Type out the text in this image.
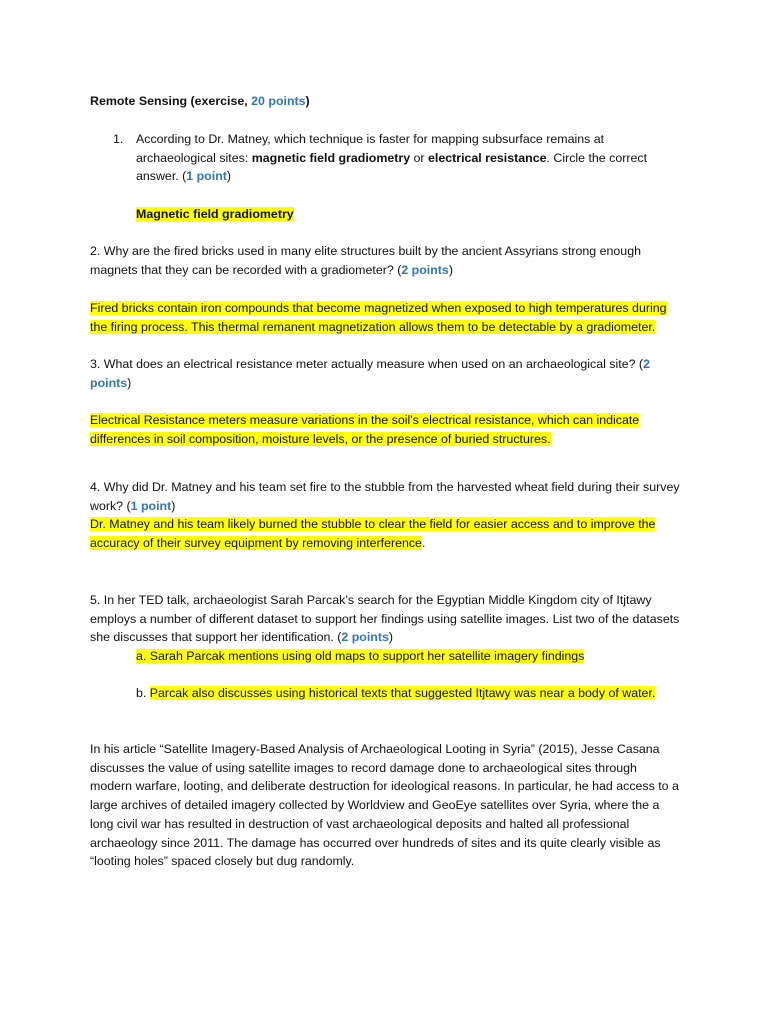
Remote Sensing (exercise, 20 points)

1. According to Dr. Matney, which technique is faster for mapping subsurface remains at archaeological sites: magnetic field gradiometry or electrical resistance. Circle the correct answer. (1 point)

Magnetic field gradiometry

2. Why are the fired bricks used in many elite structures built by the ancient Assyrians strong enough magnets that they can be recorded with a gradiometer? (2 points)

Fired bricks contain iron compounds that become magnetized when exposed to high temperatures during the firing process. This thermal remanent magnetization allows them to be detectable by a gradiometer.

3. What does an electrical resistance meter actually measure when used on an archaeological site? (2 points)

Electrical Resistance meters measure variations in the soil's electrical resistance, which can indicate differences in soil composition, moisture levels, or the presence of buried structures.

4. Why did Dr. Matney and his team set fire to the stubble from the harvested wheat field during their survey work? (1 point)
Dr. Matney and his team likely burned the stubble to clear the field for easier access and to improve the accuracy of their survey equipment by removing interference.

5. In her TED talk, archaeologist Sarah Parcak’s search for the Egyptian Middle Kingdom city of Itjtawy employs a number of different dataset to support her findings using satellite images. List two of the datasets she discusses that support her identification. (2 points)

a. Sarah Parcak mentions using old maps to support her satellite imagery findings

b. Parcak also discusses using historical texts that suggested Itjtawy was near a body of water.

In his article “Satellite Imagery-Based Analysis of Archaeological Looting in Syria” (2015), Jesse Casana discusses the value of using satellite images to record damage done to archaeological sites through modern warfare, looting, and deliberate destruction for ideological reasons. In particular, he had access to a large archives of detailed imagery collected by Worldview and GeoEye satellites over Syria, where the a long civil war has resulted in destruction of vast archaeological deposits and halted all professional archaeology since 2011. The damage has occurred over hundreds of sites and its quite clearly visible as “looting holes” spaced closely but dug randomly.
